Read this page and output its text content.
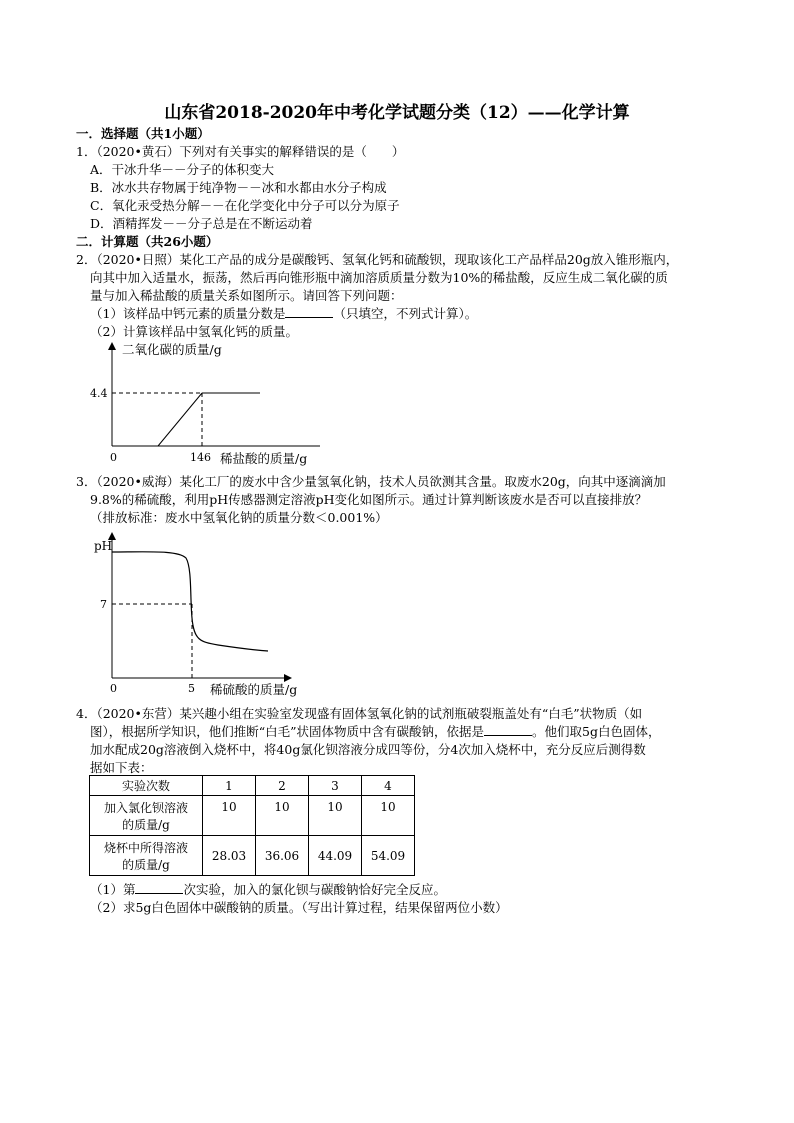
山东省2018-2020年中考化学试题分类（12）——化学计算
一．选择题（共1小题）
1．（2020•黄石）下列对有关事实的解释错误的是（　　）
A．干冰升华－－分子的体积变大
B．冰水共存物属于纯净物－－冰和水都由水分子构成
C．氧化汞受热分解－－在化学变化中分子可以分为原子
D．酒精挥发－－分子总是在不断运动着
二．计算题（共26小题）
2．（2020•日照）某化工产品的成分是碳酸钙、氢氧化钙和硫酸钡，现取该化工产品样品20g放入锥形瓶内，
向其中加入适量水，振荡，然后再向锥形瓶中滴加溶质质量分数为10%的稀盐酸，反应生成二氧化碳的质
量与加入稀盐酸的质量关系如图所示。请回答下列问题：
（1）该样品中钙元素的质量分数是	（只填空，不列式计算）。
（2）计算该样品中氢氧化钙的质量。
二氧化碳的质量/g
4.4
0	146 稀盐酸的质量/g
3．（2020•威海）某化工厂的废水中含少量氢氧化钠，技术人员欲测其含量。取废水20g，向其中逐滴滴加
9.8%的稀硫酸，利用pH传感器测定溶液pH变化如图所示。通过计算判断该废水是否可以直接排放？
（排放标准：废水中氢氧化钠的质量分数＜0.001%）
pH
7
0	5 稀硫酸的质量/g
4．（2020•东营）某兴趣小组在实验室发现盛有固体氢氧化钠的试剂瓶破裂瓶盖处有“白毛”状物质（如
图），根据所学知识，他们推断“白毛”状固体物质中含有碳酸钠，依据是	。他们取5g白色固体，
加水配成20g溶液倒入烧杯中，将40g氯化钡溶液分成四等份，分4次加入烧杯中，充分反应后测得数
据如下表：
实验次数	1	2	3	4

加入氯化钡溶液
的质量/g	10	10	10	10

烧杯中所得溶液
的质量/g	28.03	36.06	44.09	54.09
（1）第	次实验，加入的氯化钡与碳酸钠恰好完全反应。
（2）求5g白色固体中碳酸钠的质量。（写出计算过程，结果保留两位小数）
